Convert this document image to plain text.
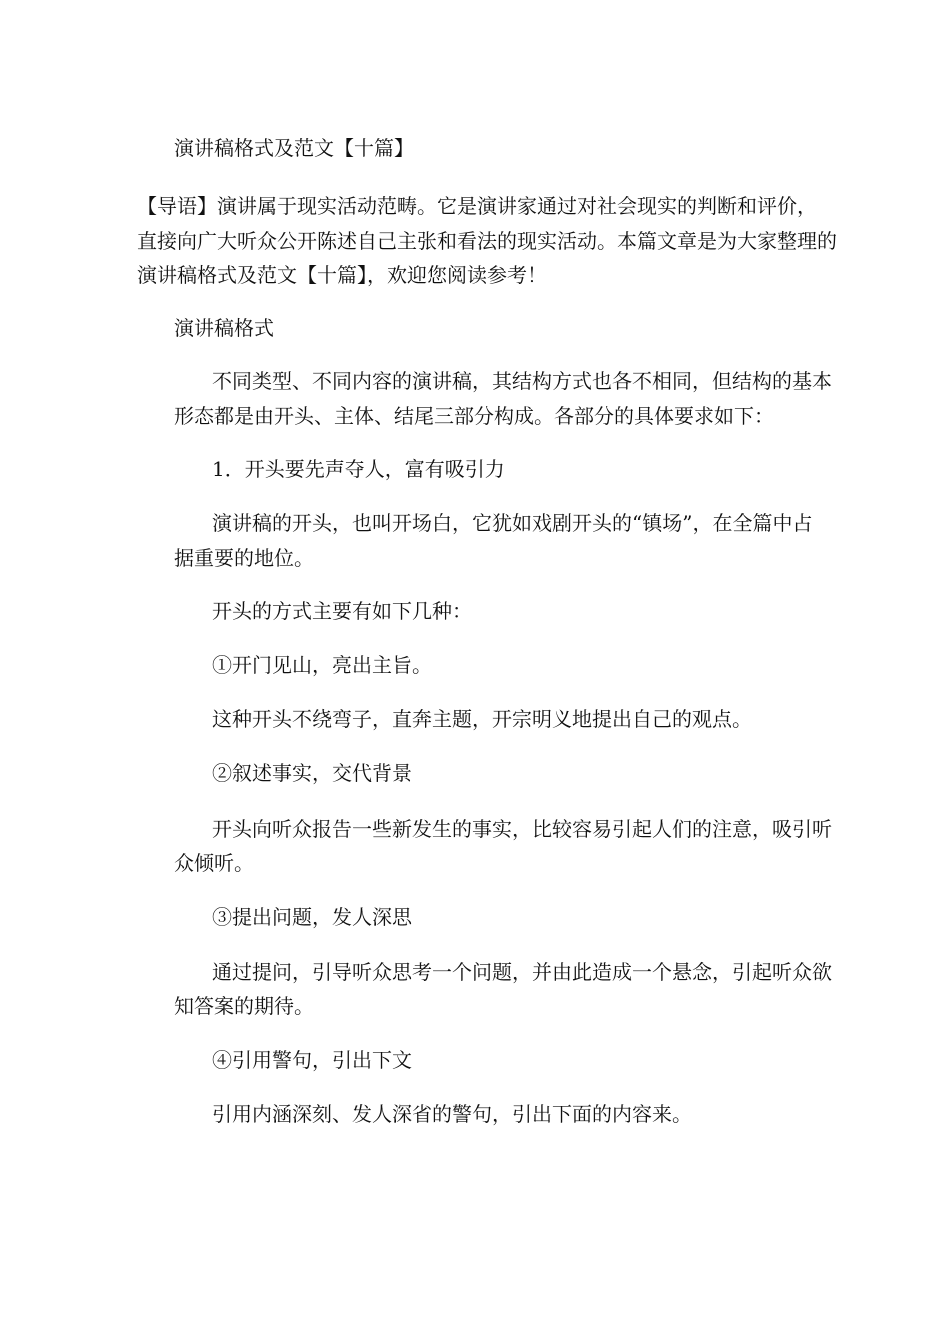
演讲稿格式及范文【十篇】
【导语】演讲属于现实活动范畴。它是演讲家通过对社会现实的判断和评价，
直接向广大听众公开陈述自己主张和看法的现实活动。本篇文章是为大家整理的
演讲稿格式及范文【十篇】，欢迎您阅读参考！
演讲稿格式
不同类型、不同内容的演讲稿，其结构方式也各不相同，但结构的基本
形态都是由开头、主体、结尾三部分构成。各部分的具体要求如下：
1．开头要先声夺人，富有吸引力
演讲稿的开头，也叫开场白，它犹如戏剧开头的“镇场”，在全篇中占
据重要的地位。
开头的方式主要有如下几种：
①开门见山，亮出主旨。
这种开头不绕弯子，直奔主题，开宗明义地提出自己的观点。
②叙述事实，交代背景
开头向听众报告一些新发生的事实，比较容易引起人们的注意，吸引听
众倾听。
③提出问题，发人深思
通过提问，引导听众思考一个问题，并由此造成一个悬念，引起听众欲
知答案的期待。
④引用警句，引出下文
引用内涵深刻、发人深省的警句，引出下面的内容来。
